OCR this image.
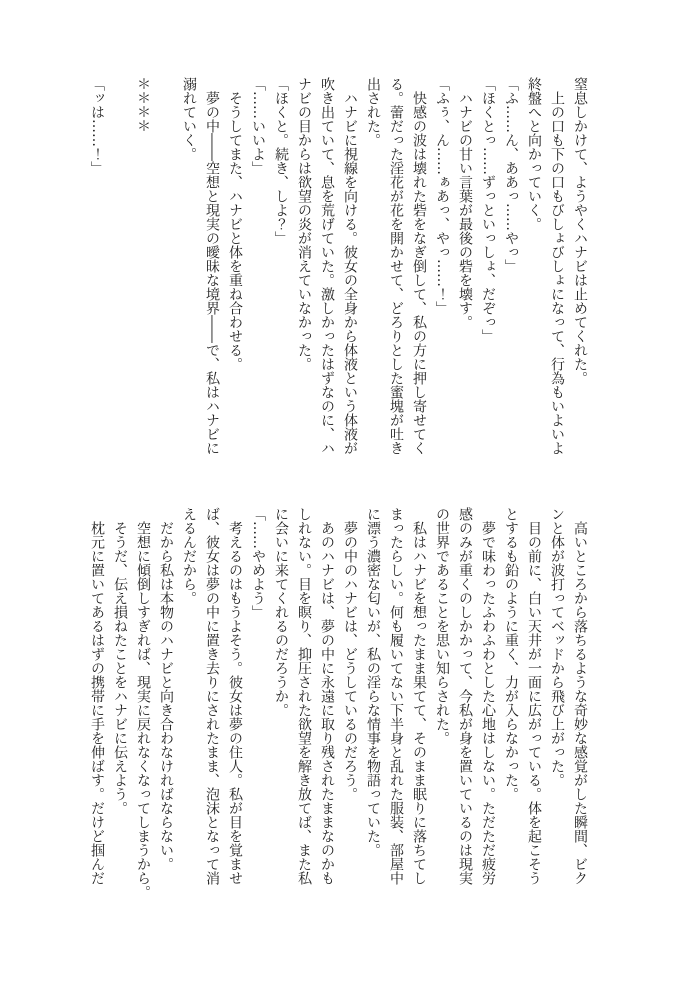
窒息しかけて、ようやくハナビは止めてくれた。
　上の口も下の口もびしょびしょになって、行為もいよいよ
終盤へと向かっていく。
「ふ……ん、ああっ……やっ」
「ほくとっ……ずっといっしょ、だぞっ」
　ハナビの甘い言葉が最後の砦を壊す。
「ふぅ、ん……ぁあっ、やっ……！」
　快感の波は壊れた砦をなぎ倒して、私の方に押し寄せてく
る。蕾だった淫花が花を開かせて、どろりとした蜜塊が吐き
出された。
　ハナビに視線を向ける。彼女の全身から体液という体液が
吹き出ていて、息を荒げていた。激しかったはずなのに、ハ
ナビの目からは欲望の炎が消えていなかった。
「ほくと。続き、しよ？」
「……いいよ」
　そうしてまた、ハナビと体を重ね合わせる。
　夢の中――空想と現実の曖昧な境界――で、私はハナビに
溺れていく。

＊＊＊＊

「ッは……！」
　高いところから落ちるような奇妙な感覚がした瞬間、ビク
ンと体が波打ってベッドから飛び上がった。
　目の前に、白い天井が一面に広がっている。体を起こそう
とするも鉛のように重く、力が入らなかった。
　夢で味わったふわふわとした心地はしない。ただただ疲労
感のみが重くのしかかって、今私が身を置いているのは現実
の世界であることを思い知らされた。
　私はハナビを想ったまま果てて、そのまま眠りに落ちてし
まったらしい。何も履いてない下半身と乱れた服装、部屋中
に漂う濃密な匂いが、私の淫らな情事を物語っていた。
　夢の中のハナビは、どうしているのだろう。
　あのハナビは、夢の中に永遠に取り残されたままなのかも
しれない。目を瞑り、抑圧された欲望を解き放てば、また私
に会いに来てくれるのだろうか。
「……やめよう」
　考えるのはもうよそう。彼女は夢の住人。私が目を覚ませ
ば、彼女は夢の中に置き去りにされたまま、泡沫となって消
えるんだから。
　だから私は本物のハナビと向き合わなければならない。
　空想に傾倒しすぎれば、現実に戻れなくなってしまうから。
　そうだ、伝え損ねたことをハナビに伝えよう。
　枕元に置いてあるはずの携帯に手を伸ばす。だけど掴んだ
